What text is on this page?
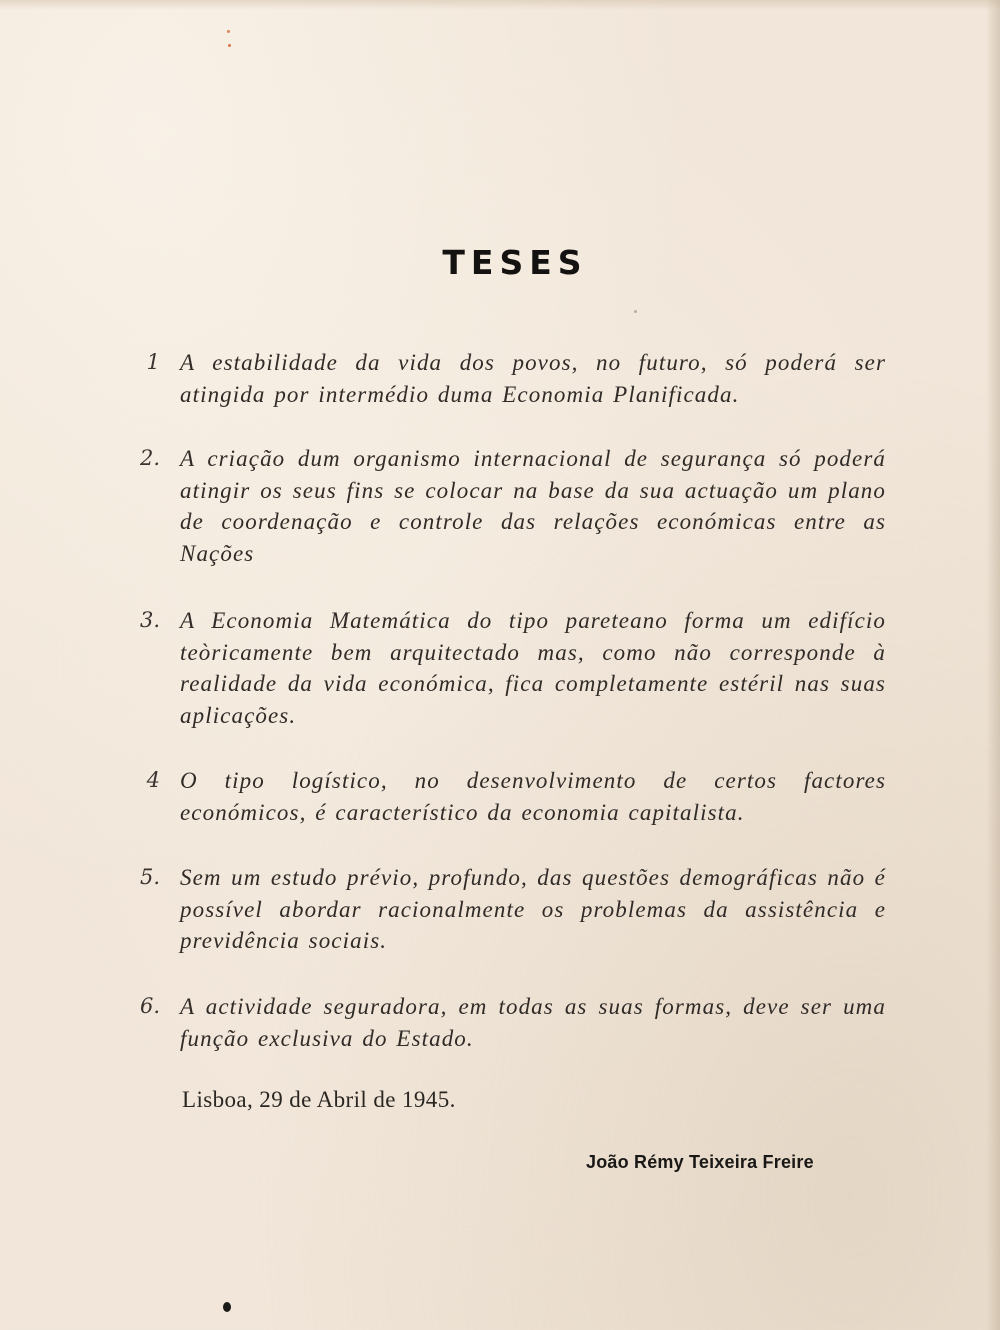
TESES
1 A estabilidade da vida dos povos, no futuro, só poderá ser atingida por intermédio duma Economia Planificada.
2. A criação dum organismo internacional de segurança só poderá atingir os seus fins se colocar na base da sua actuação um plano de coordenação e controle das relações económicas entre as Nações
3. A Economia Matemática do tipo pareteano forma um edifício teòricamente bem arquitectado mas, como não corresponde à realidade da vida económica, fica completamente estéril nas suas aplicações.
4 O tipo logístico, no desenvolvimento de certos factores económicos, é característico da economia capitalista.
5. Sem um estudo prévio, profundo, das questões demográficas não é possível abordar racionalmente os problemas da assistência e previdência sociais.
6. A actividade seguradora, em todas as suas formas, deve ser uma função exclusiva do Estado.
Lisboa, 29 de Abril de 1945.
João Rémy Teixeira Freire
